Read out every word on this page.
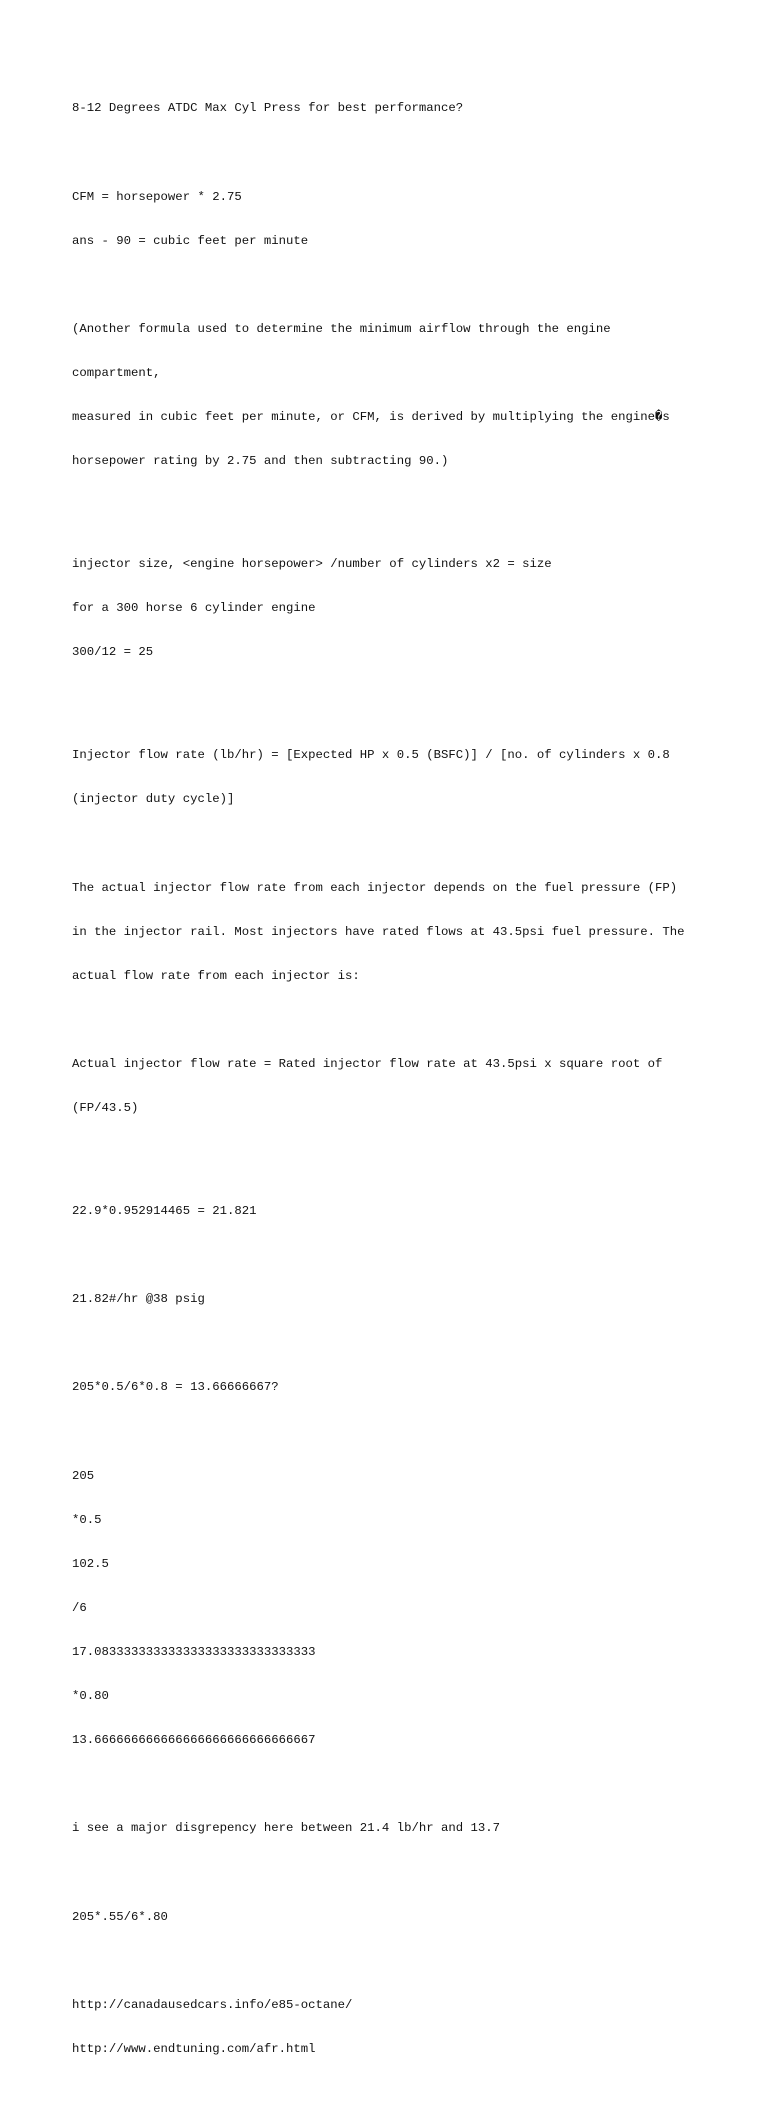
8-12 Degrees ATDC Max Cyl Press for best performance?

CFM = horsepower * 2.75

ans - 90 = cubic feet per minute

(Another formula used to determine the minimum airflow through the engine

compartment,

measured in cubic feet per minute, or CFM, is derived by multiplying the engine�s

horsepower rating by 2.75 and then subtracting 90.)

injector size, <engine horsepower> /number of cylinders x2 = size

for a 300 horse 6 cylinder engine

300/12 = 25

Injector flow rate (lb/hr) = [Expected HP x 0.5 (BSFC)] / [no. of cylinders x 0.8

(injector duty cycle)]

The actual injector flow rate from each injector depends on the fuel pressure (FP)

in the injector rail. Most injectors have rated flows at 43.5psi fuel pressure. The

actual flow rate from each injector is:

Actual injector flow rate = Rated injector flow rate at 43.5psi x square root of

(FP/43.5)

22.9*0.952914465 = 21.821

21.82#/hr @38 psig

205*0.5/6*0.8 = 13.66666667?

205

*0.5

102.5

/6

17.083333333333333333333333333333

*0.80

13.666666666666666666666666666667

i see a major disgrepency here between 21.4 lb/hr and 13.7

205*.55/6*.80

http://canadausedcars.info/e85-octane/

http://www.endtuning.com/afr.html
